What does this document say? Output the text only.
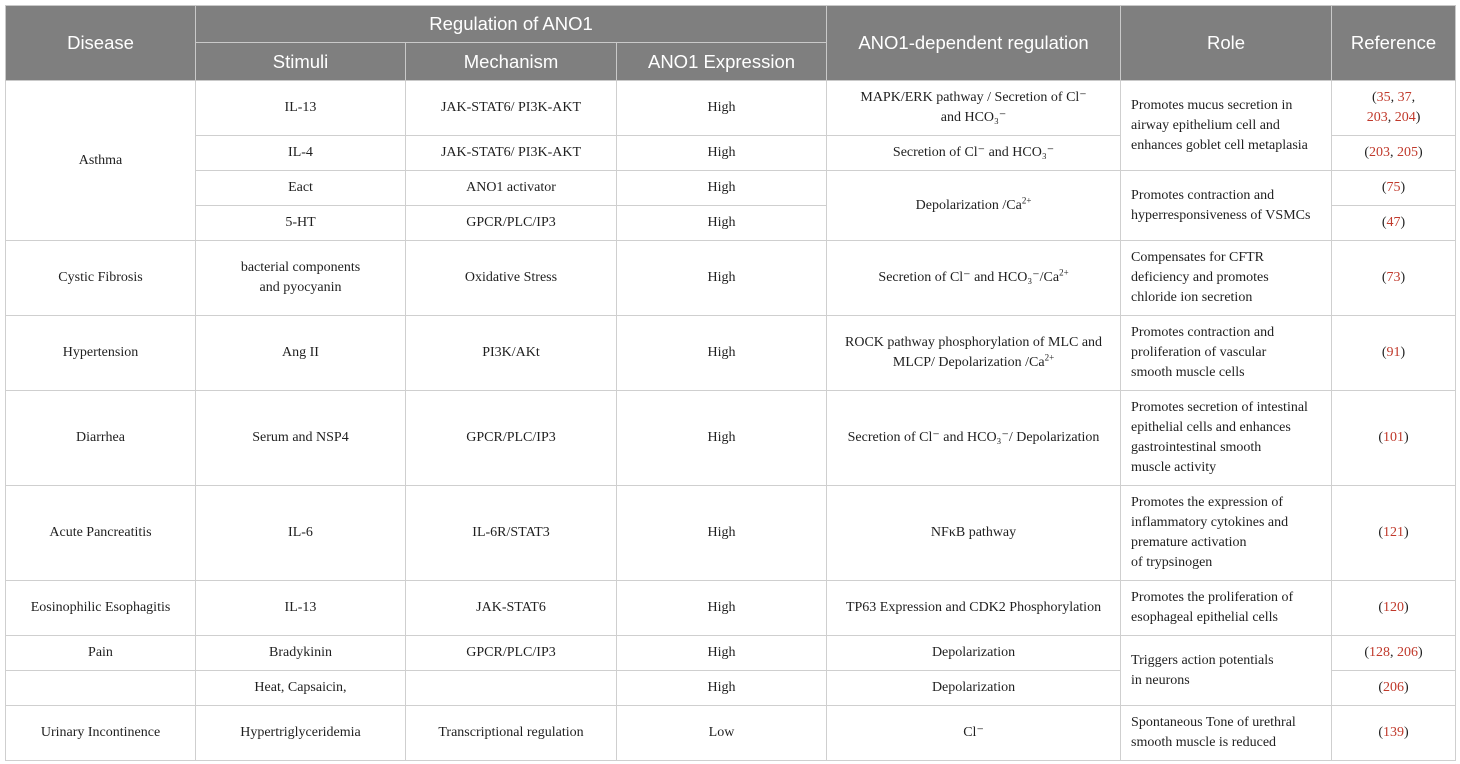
Disease	Regulation of ANO1			ANO1-dependent regulation	Role	Reference
	Stimuli	Mechanism	ANO1 Expression			
Asthma	IL-13	JAK-STAT6/ PI3K-AKT	High	MAPK/ERK pathway / Secretion of Cl⁻
and HCO₃⁻	Promotes mucus secretion in
airway epithelium cell and
enhances goblet cell metaplasia	(35, 37,
203, 204)

	IL-4	JAK-STAT6/ PI3K-AKT	High	Secretion of Cl⁻ and HCO₃⁻		(203, 205)
	Eact	ANO1 activator	High	Depolarization $/Ca^{2+}$	Promotes contraction and
hyperresponsiveness of VSMCs	(75)
	5-HT	GPCR/PLC/IP3	High			(47)
Cystic Fibrosis	bacterial components
and pyocyanin	Oxidative Stress	High	Secretion of Cl⁻ and $HCO_3^-/Ca^{2+}$	Compensates for CFTR
deficiency and promotes
chloride ion secretion	(73)
Hypertension	Ang II	PI3K/AKt	High	ROCK pathway phosphorylation of MLC and
MLCP/ Depolarization $/Ca^{2+}$	Promotes contraction and
proliferation of vascular
smooth muscle cells	(91)
Diarrhea	Serum and NSP4	GPCR/PLC/IP3	High	Secretion of Cl⁻ and HCO₃⁻/ Depolarization	Promotes secretion of intestinal
epithelial cells and enhances
gastrointestinal smooth
muscle activity	(101)
Acute Pancreatitis	IL-6	IL-6R/STAT3	High	NFκB pathway	Promotes the expression of
inflammatory cytokines and
premature activation
of trypsinogen	(121)
Eosinophilic Esophagitis	IL-13	JAK-STAT6	High	TP63 Expression and CDK2 Phosphorylation	Promotes the proliferation of
esophageal epithelial cells	(120)
Pain	Bradykinin	GPCR/PLC/IP3	High	Depolarization	Triggers action potentials
in neurons	(128, 206)
	Heat, Capsaicin,		High	Depolarization		(206)
Urinary Incontinence	Hypertriglyceridemia	Transcriptional regulation	Low	Cl⁻	Spontaneous Tone of urethral
smooth muscle is reduced	(139)
